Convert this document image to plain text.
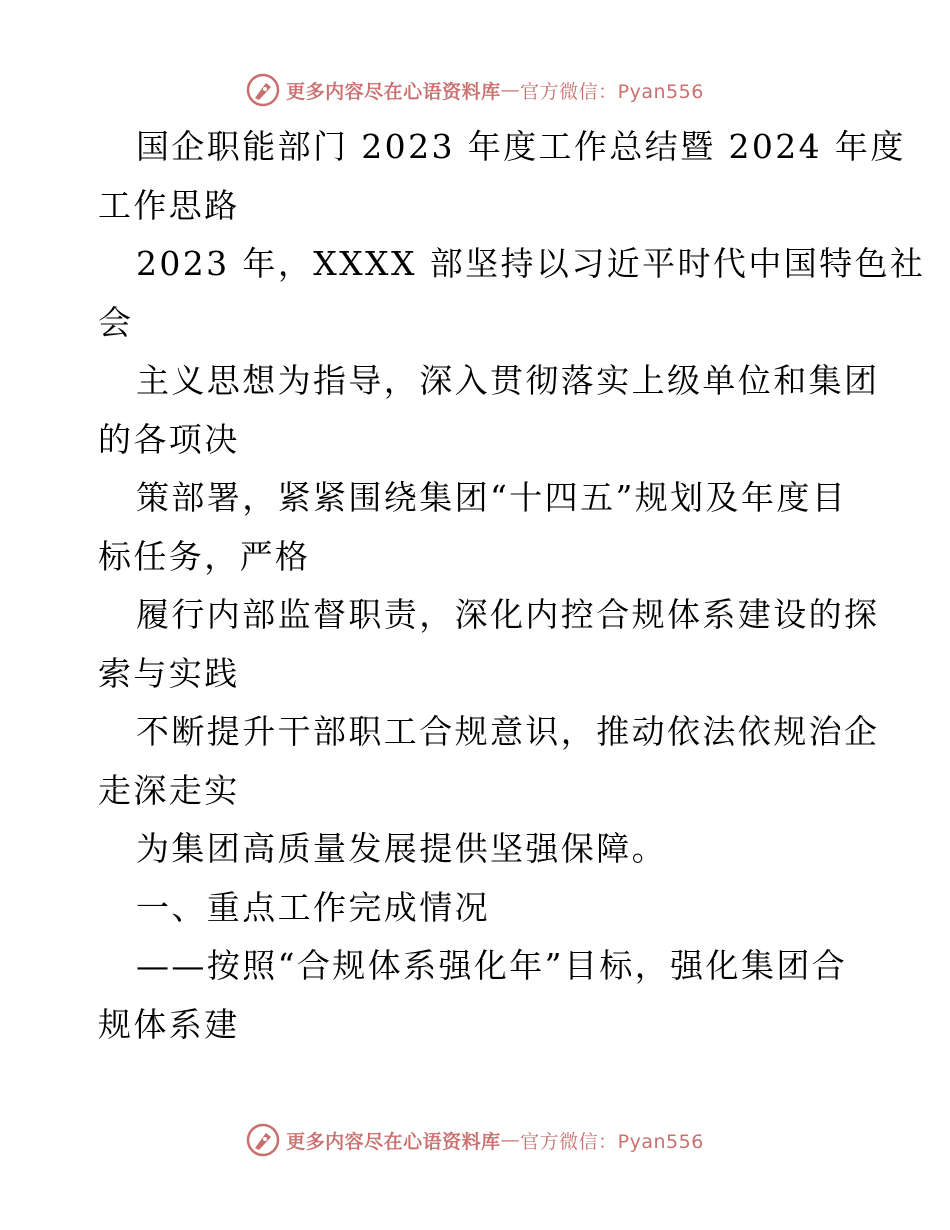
更多内容尽在心语资料库 — 官方微信：Pyan556
国企职能部门 2023 年度工作总结暨 2024 年度
工作思路
2023 年，XXXX 部坚持以习近平时代中国特色社
会
主义思想为指导，深入贯彻落实上级单位和集团
的各项决
策部署，紧紧围绕集团“十四五”规划及年度目
标任务，严格
履行内部监督职责，深化内控合规体系建设的探
索与实践
不断提升干部职工合规意识，推动依法依规治企
走深走实
为集团高质量发展提供坚强保障。
一、重点工作完成情况
——按照“合规体系强化年”目标，强化集团合
规体系建
更多内容尽在心语资料库 — 官方微信：Pyan556
